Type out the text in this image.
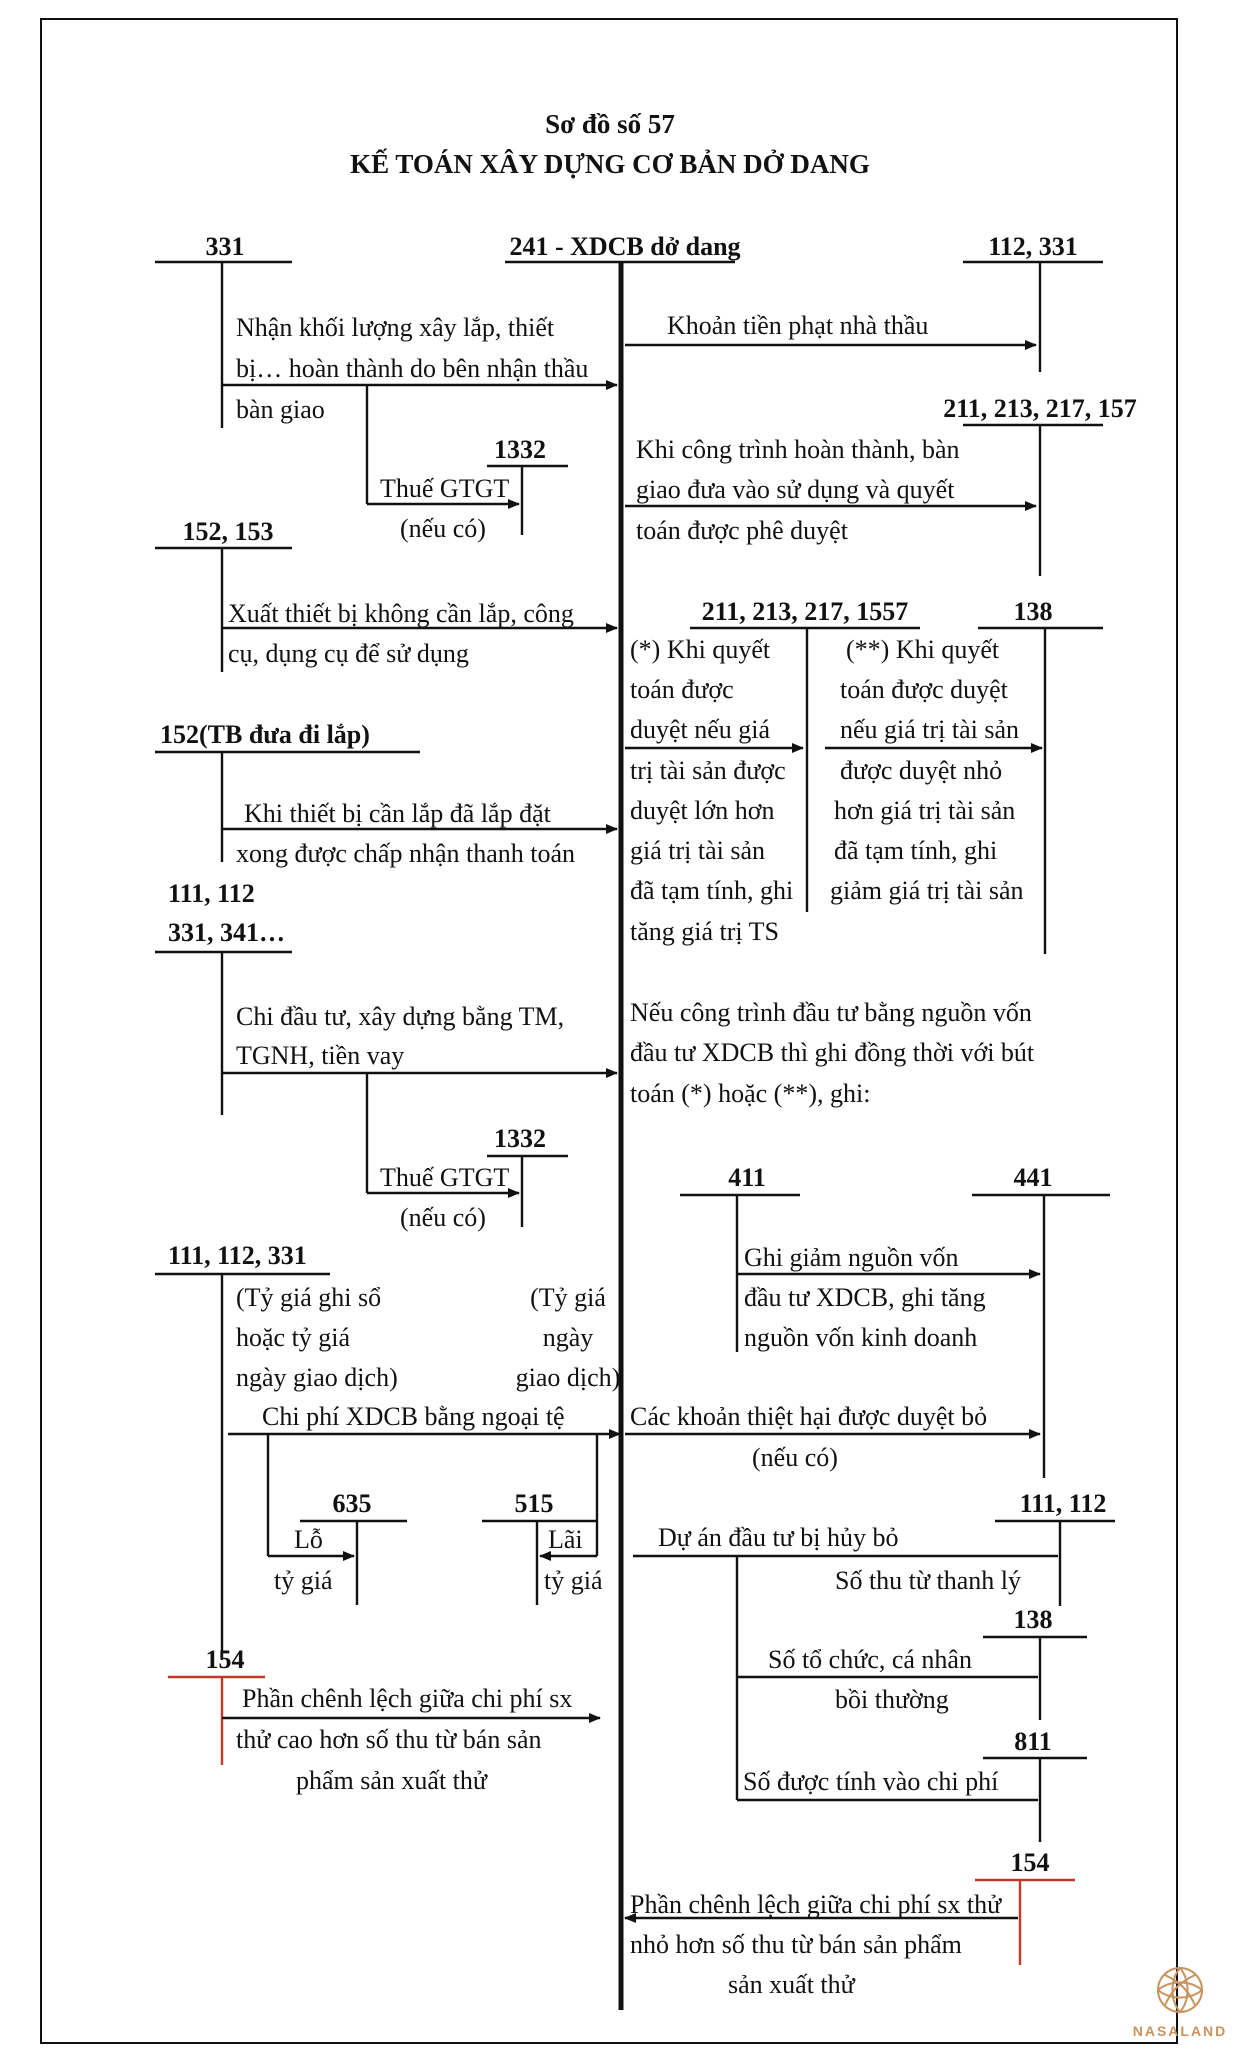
Sơ đồ số 57
KẾ TOÁN XÂY DỰNG CƠ BẢN DỞ DANG
241 - XDCB dở dang
331
Nhận khối lượng xây lắp, thiết
bị… hoàn thành do bên nhận thầu
bàn giao
1332
Thuế GTGT
(nếu có)
152, 153
Xuất thiết bị không cần lắp, công
cụ, dụng cụ để sử dụng
152(TB đưa đi lắp)
Khi thiết bị cần lắp đã lắp đặt
xong được chấp nhận thanh toán
111, 112
331, 341…
Chi đầu tư, xây dựng bằng TM,
TGNH, tiền vay
1332
Thuế GTGT
(nếu có)
111, 112, 331
(Tỷ giá ghi sổ
hoặc tỷ giá
ngày giao dịch)
(Tỷ giá
ngày
giao dịch)
Chi phí XDCB bằng ngoại tệ
635
Lỗ
tỷ giá
515
Lãi
tỷ giá
154
Phần chênh lệch giữa chi phí sx
thử cao hơn số thu từ bán sản
phẩm sản xuất thử
112, 331
Khoản tiền phạt nhà thầu
211, 213, 217, 157
Khi công trình hoàn thành, bàn
giao đưa vào sử dụng và quyết
toán được phê duyệt
211, 213, 217, 1557
(*) Khi quyết
toán được
duyệt nếu giá
trị tài sản được
duyệt lớn hơn
giá trị tài sản
đã tạm tính, ghi
tăng giá trị TS
138
(**) Khi quyết
toán được duyệt
nếu giá trị tài sản
được duyệt nhỏ
hơn giá trị tài sản
đã tạm tính, ghi
giảm giá trị tài sản
Nếu công trình đầu tư bằng nguồn vốn
đầu tư XDCB thì ghi đồng thời với bút
toán (*) hoặc (**), ghi:
411	441
Ghi giảm nguồn vốn
đầu tư XDCB, ghi tăng
nguồn vốn kinh doanh
Các khoản thiệt hại được duyệt bỏ
(nếu có)
111, 112
Dự án đầu tư bị hủy bỏ
Số thu từ thanh lý
138
Số tổ chức, cá nhân
bồi thường
811
Số được tính vào chi phí
154
Phần chênh lệch giữa chi phí sx thử
nhỏ hơn số thu từ bán sản phẩm
sản xuất thử
NASALAND
